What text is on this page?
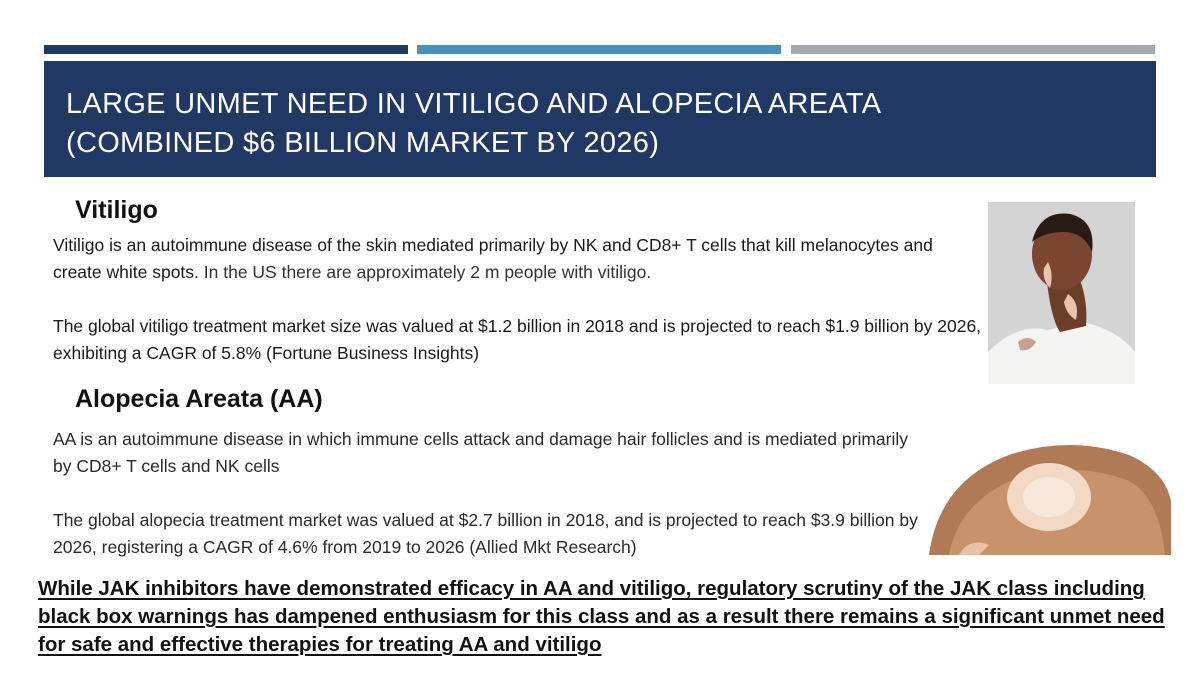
LARGE UNMET NEED IN VITILIGO AND ALOPECIA AREATA
(COMBINED $6 BILLION MARKET BY 2026)
Vitiligo

Vitiligo is an autoimmune disease of the skin mediated primarily by NK and CD8+ T cells that kill melanocytes and create white spots. In the US there are approximately 2 m people with vitiligo.

The global vitiligo treatment market size was valued at $1.2 billion in 2018 and is projected to reach $1.9 billion by 2026, exhibiting a CAGR of 5.8% (Fortune Business Insights)

Alopecia Areata (AA)

AA is an autoimmune disease in which immune cells attack and damage hair follicles and is mediated primarily by CD8+ T cells and NK cells

The global alopecia treatment market was valued at $2.7 billion in 2018, and is projected to reach $3.9 billion by 2026, registering a CAGR of 4.6% from 2019 to 2026 (Allied Mkt Research)

While JAK inhibitors have demonstrated efficacy in AA and vitiligo, regulatory scrutiny of the JAK class including black box warnings has dampened enthusiasm for this class and as a result there remains a significant unmet need for safe and effective therapies for treating AA and vitiligo
